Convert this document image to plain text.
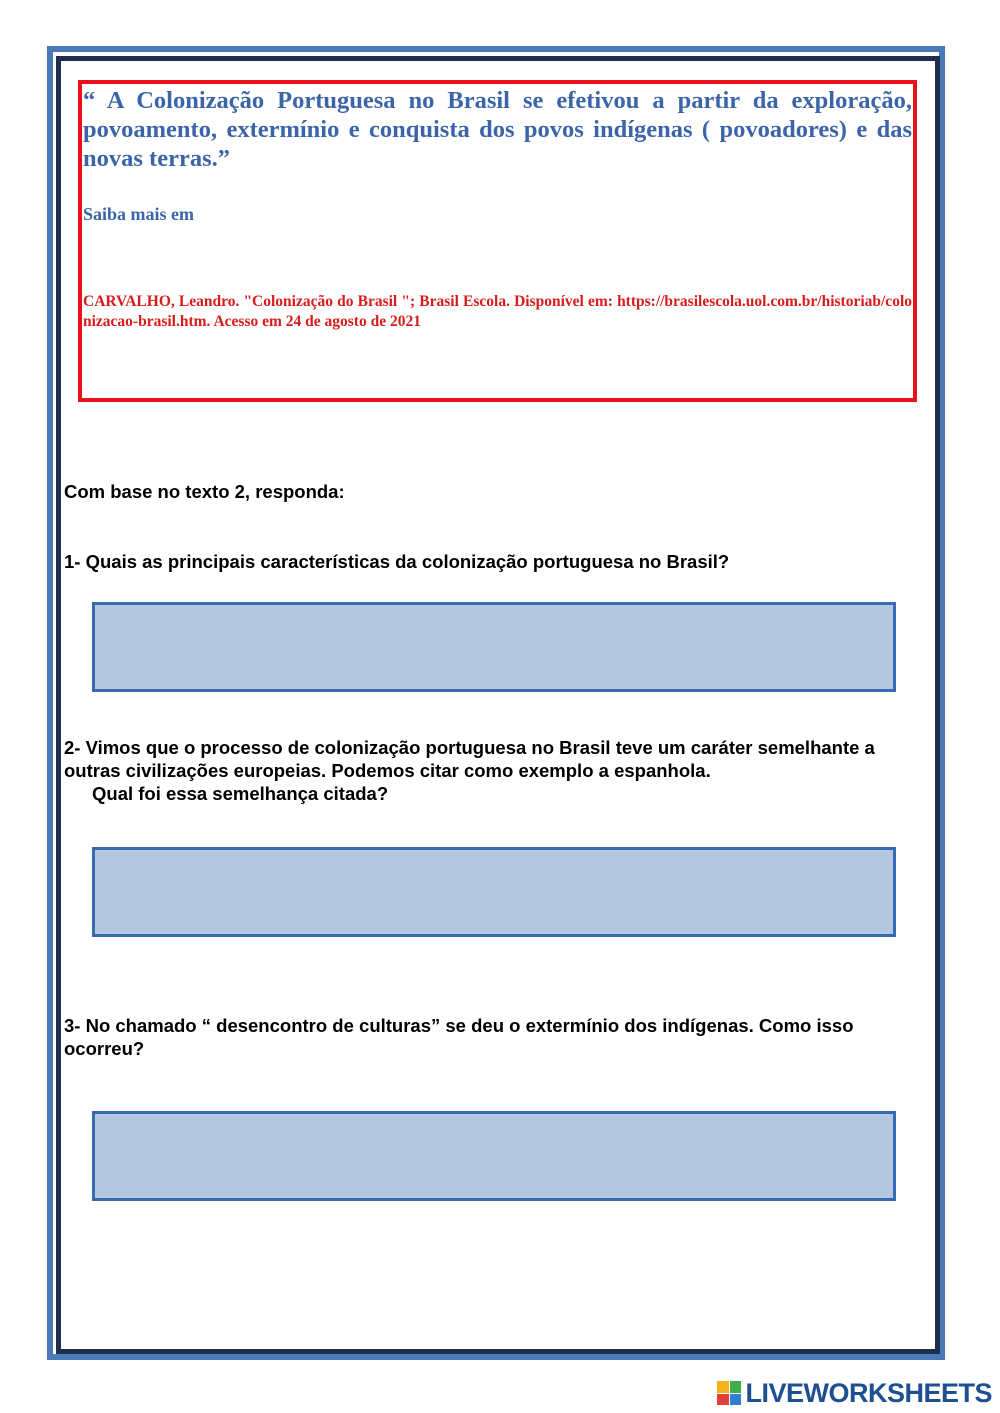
“ A Colonização Portuguesa no Brasil se efetivou a partir da exploração, povoamento, extermínio e conquista dos povos indígenas ( povoadores) e das novas terras.”

Saiba mais em

CARVALHO, Leandro. "Colonização do Brasil "; Brasil Escola. Disponível em: https://brasilescola.uol.com.br/historiab/colonizacao-brasil.htm. Acesso em 24 de agosto de 2021

Com base no texto 2, responda:

1- Quais as principais características da colonização portuguesa no Brasil?

2- Vimos que o processo de colonização portuguesa no Brasil teve um caráter semelhante a outras civilizações europeias. Podemos citar como exemplo a espanhola.
Qual foi essa semelhança citada?

3- No chamado “ desencontro de culturas” se deu o extermínio dos indígenas. Como isso ocorreu?

LIVEWORKSHEETS
